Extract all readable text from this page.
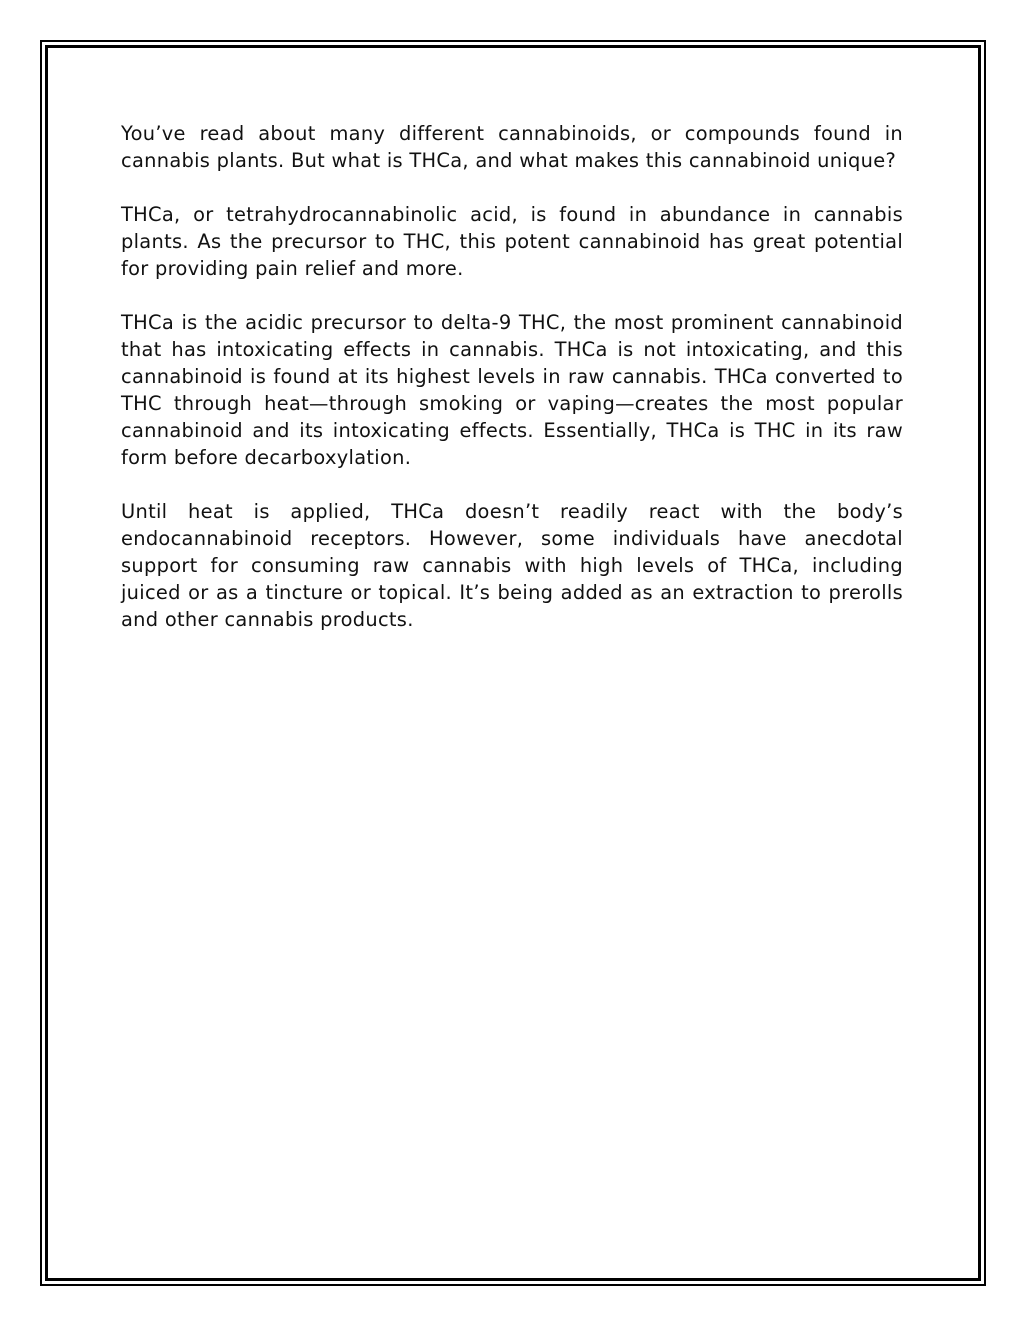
You’ve read about many different cannabinoids, or compounds found in cannabis plants. But what is THCa, and what makes this cannabinoid unique?

THCa, or tetrahydrocannabinolic acid, is found in abundance in cannabis plants. As the precursor to THC, this potent cannabinoid has great potential for providing pain relief and more.

THCa is the acidic precursor to delta-9 THC, the most prominent cannabinoid that has intoxicating effects in cannabis. THCa is not intoxicating, and this cannabinoid is found at its highest levels in raw cannabis. THCa converted to THC through heat—through smoking or vaping—creates the most popular cannabinoid and its intoxicating effects. Essentially, THCa is THC in its raw form before decarboxylation.

Until heat is applied, THCa doesn’t readily react with the body’s endocannabinoid receptors. However, some individuals have anecdotal support for consuming raw cannabis with high levels of THCa, including juiced or as a tincture or topical. It’s being added as an extraction to prerolls and other cannabis products.
